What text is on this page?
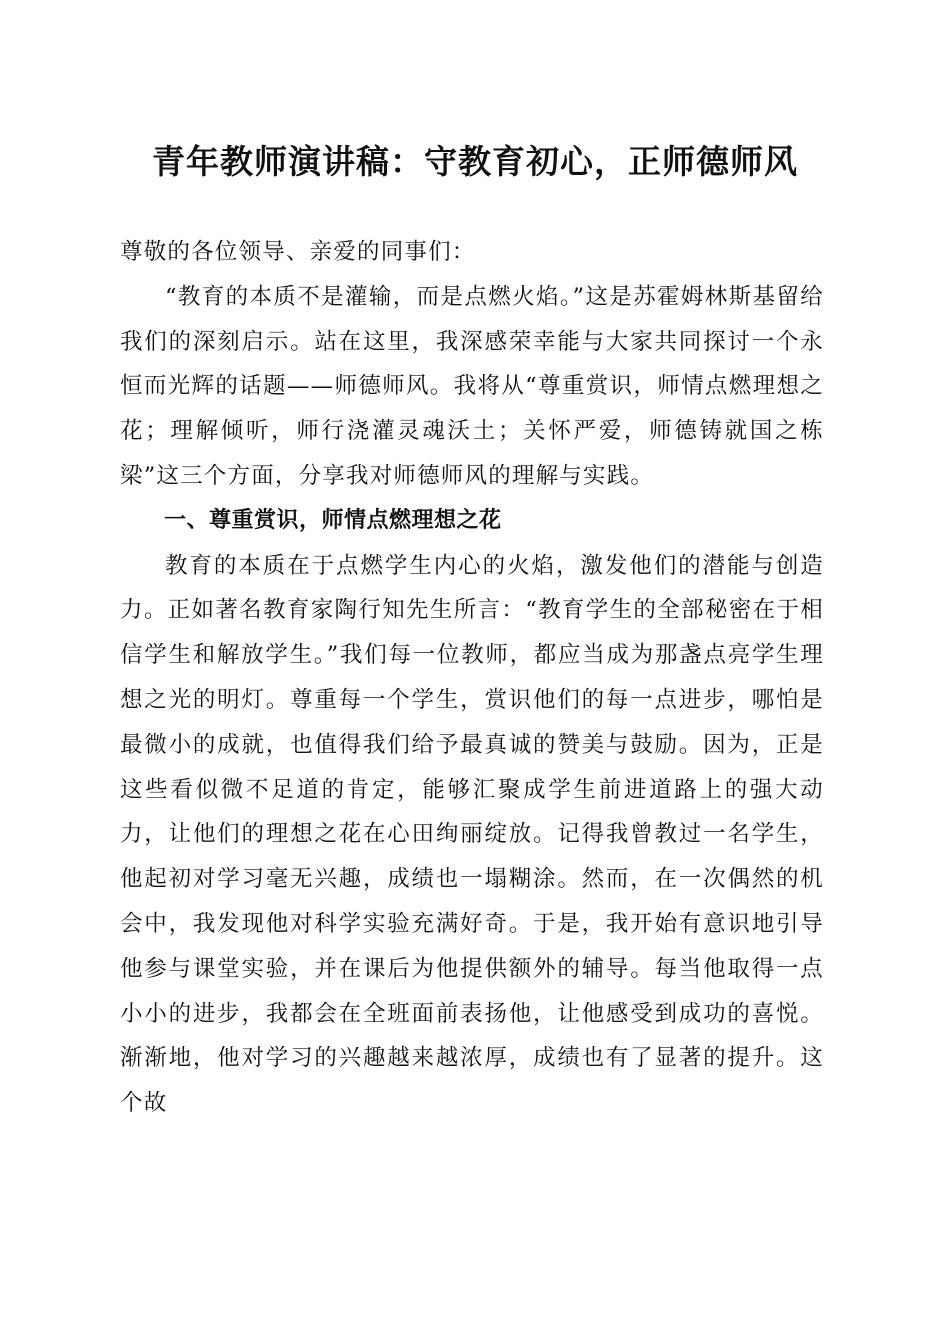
青年教师演讲稿：守教育初心，正师德师风

尊敬的各位领导、亲爱的同事们：

“教育的本质不是灌输，而是点燃火焰。”这是苏霍姆林斯基留给我们的深刻启示。站在这里，我深感荣幸能与大家共同探讨一个永恒而光辉的话题——师德师风。我将从“尊重赏识，师情点燃理想之花；理解倾听，师行浇灌灵魂沃土；关怀严爱，师德铸就国之栋梁”这三个方面，分享我对师德师风的理解与实践。

一、尊重赏识，师情点燃理想之花

教育的本质在于点燃学生内心的火焰，激发他们的潜能与创造力。正如著名教育家陶行知先生所言：“教育学生的全部秘密在于相信学生和解放学生。”我们每一位教师，都应当成为那盏点亮学生理想之光的明灯。尊重每一个学生，赏识他们的每一点进步，哪怕是最微小的成就，也值得我们给予最真诚的赞美与鼓励。因为，正是这些看似微不足道的肯定，能够汇聚成学生前进道路上的强大动力，让他们的理想之花在心田绚丽绽放。记得我曾教过一名学生，他起初对学习毫无兴趣，成绩也一塌糊涂。然而，在一次偶然的机会中，我发现他对科学实验充满好奇。于是，我开始有意识地引导他参与课堂实验，并在课后为他提供额外的辅导。每当他取得一点小小的进步，我都会在全班面前表扬他，让他感受到成功的喜悦。渐渐地，他对学习的兴趣越来越浓厚，成绩也有了显著的提升。这个故
